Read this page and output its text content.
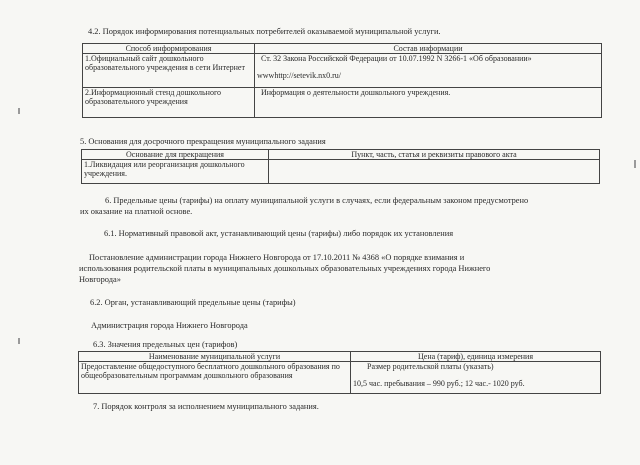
4.2. Порядок информирования потенциальных потребителей оказываемой муниципальной услуги.
Способ информирования	Состав информации
1.Официальный сайт дошкольного образовательного учреждения в сети Интернет	Ст. 32 Закона Российской Федерации от 10.07.1992 N 3266-1 «Об образовании»
wwwhttp://setevik.nx0.ru/

2.Информационный стенд дошкольного образовательного учреждения	Информация о деятельности дошкольного учреждения.
5. Основания для досрочного прекращения муниципального задания
Основание для прекращения	Пункт, часть, статья и реквизиты правового акта
1.Ликвидация или реорганизация дошкольного учреждения.	
6. Предельные цены (тарифы) на оплату муниципальной услуги в случаях, если федеральным законом предусмотрено
их оказание на платной основе.
6.1. Нормативный правовой акт, устанавливающий цены (тарифы) либо порядок их установления
Постановление администрации города Нижнего Новгорода от 17.10.2011 № 4368 «О порядке взимания и
использования родительской платы в муниципальных дошкольных образовательных учреждениях города Нижнего
Новгорода»
6.2. Орган, устанавливающий предельные цены (тарифы)
Администрация города Нижнего Новгорода
6.3. Значения предельных цен (тарифов)
Наименование муниципальной услуги	Цена (тариф), единица измерения
Предоставление общедоступного бесплатного дошкольного образования по общеобразовательным программам дошкольного образования	Размер родительской платы (указать)
10,5 час. пребывания – 990 руб.; 12 час.- 1020 руб.
7. Порядок контроля за исполнением муниципального задания.
